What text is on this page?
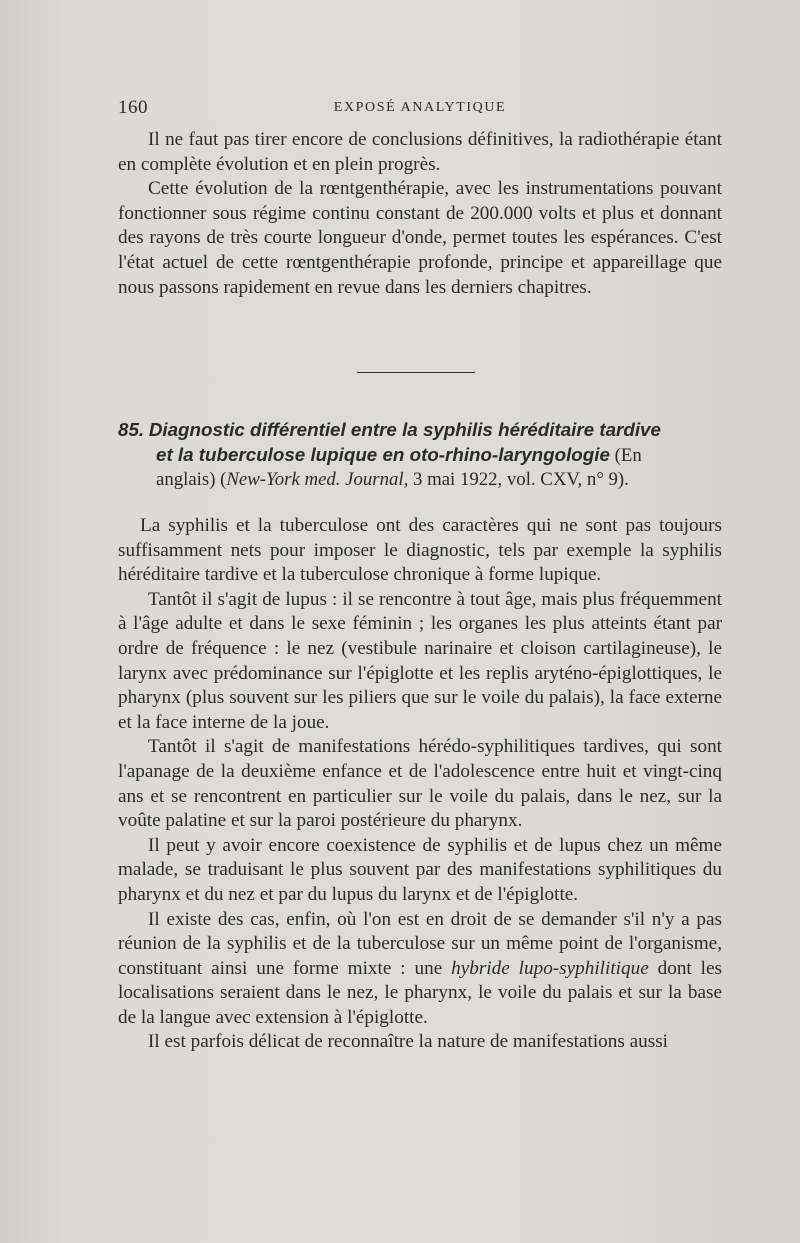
160	EXPOSÉ ANALYTIQUE

Il ne faut pas tirer encore de conclusions définitives, la radiothérapie étant en complète évolution et en plein progrès.

Cette évolution de la rœntgenthérapie, avec les instrumentations pouvant fonctionner sous régime continu constant de 200.000 volts et plus et donnant des rayons de très courte longueur d'onde, permet toutes les espérances. C'est l'état actuel de cette rœntgenthérapie profonde, principe et appareillage que nous passons rapidement en revue dans les derniers chapitres.

85. Diagnostic différentiel entre la syphilis héréditaire tardive
et la tuberculose lupique en oto-rhino-laryngologie (En
anglais) (New-York med. Journal, 3 mai 1922, vol. CXV, n° 9).

La syphilis et la tuberculose ont des caractères qui ne sont pas toujours suffisamment nets pour imposer le diagnostic, tels par exemple la syphilis héréditaire tardive et la tuberculose chronique à forme lupique.

Tantôt il s'agit de lupus : il se rencontre à tout âge, mais plus fréquemment à l'âge adulte et dans le sexe féminin ; les organes les plus atteints étant par ordre de fréquence : le nez (vestibule narinaire et cloison cartilagineuse), le larynx avec prédominance sur l'épiglotte et les replis aryténo-épiglottiques, le pharynx (plus souvent sur les piliers que sur le voile du palais), la face externe et la face interne de la joue.

Tantôt il s'agit de manifestations hérédo-syphilitiques tardives, qui sont l'apanage de la deuxième enfance et de l'adolescence entre huit et vingt-cinq ans et se rencontrent en particulier sur le voile du palais, dans le nez, sur la voûte palatine et sur la paroi postérieure du pharynx.

Il peut y avoir encore coexistence de syphilis et de lupus chez un même malade, se traduisant le plus souvent par des manifestations syphilitiques du pharynx et du nez et par du lupus du larynx et de l'épiglotte.

Il existe des cas, enfin, où l'on est en droit de se demander s'il n'y a pas réunion de la syphilis et de la tuberculose sur un même point de l'organisme, constituant ainsi une forme mixte : une hybride lupo-syphilitique dont les localisations seraient dans le nez, le pharynx, le voile du palais et sur la base de la langue avec extension à l'épiglotte.

Il est parfois délicat de reconnaître la nature de manifestations aussi
